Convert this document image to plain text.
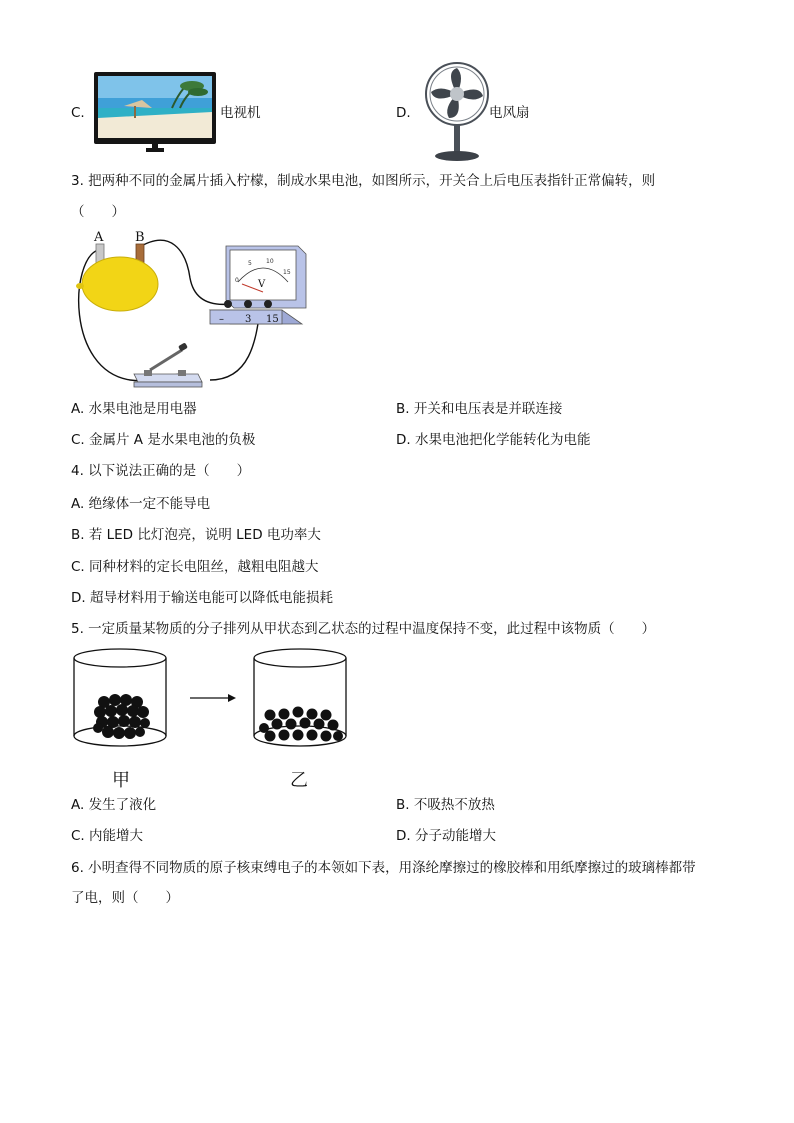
C.	电视机	D.	电风扇
3. 把两种不同的金属片插入柠檬，制成水果电池，如图所示，开关合上后电压表指针正常偏转，则
（　　）
A B
0
5 10
15
V
– 3 15
A. 水果电池是用电器	B. 开关和电压表是并联连接
C. 金属片 A 是水果电池的负极	D. 水果电池把化学能转化为电能
4. 以下说法正确的是（　　）
A. 绝缘体一定不能导电
B. 若 LED 比灯泡亮，说明 LED 电功率大
C. 同种材料的定长电阻丝，越粗电阻越大
D. 超导材料用于输送电能可以降低电能损耗
5. 一定质量某物质的分子排列从甲状态到乙状态的过程中温度保持不变，此过程中该物质（　　）
甲	乙
A. 发生了液化	B. 不吸热不放热
C. 内能增大	D. 分子动能增大
6. 小明查得不同物质的原子核束缚电子的本领如下表，用涤纶摩擦过的橡胶棒和用纸摩擦过的玻璃棒都带
了电，则（　　）
